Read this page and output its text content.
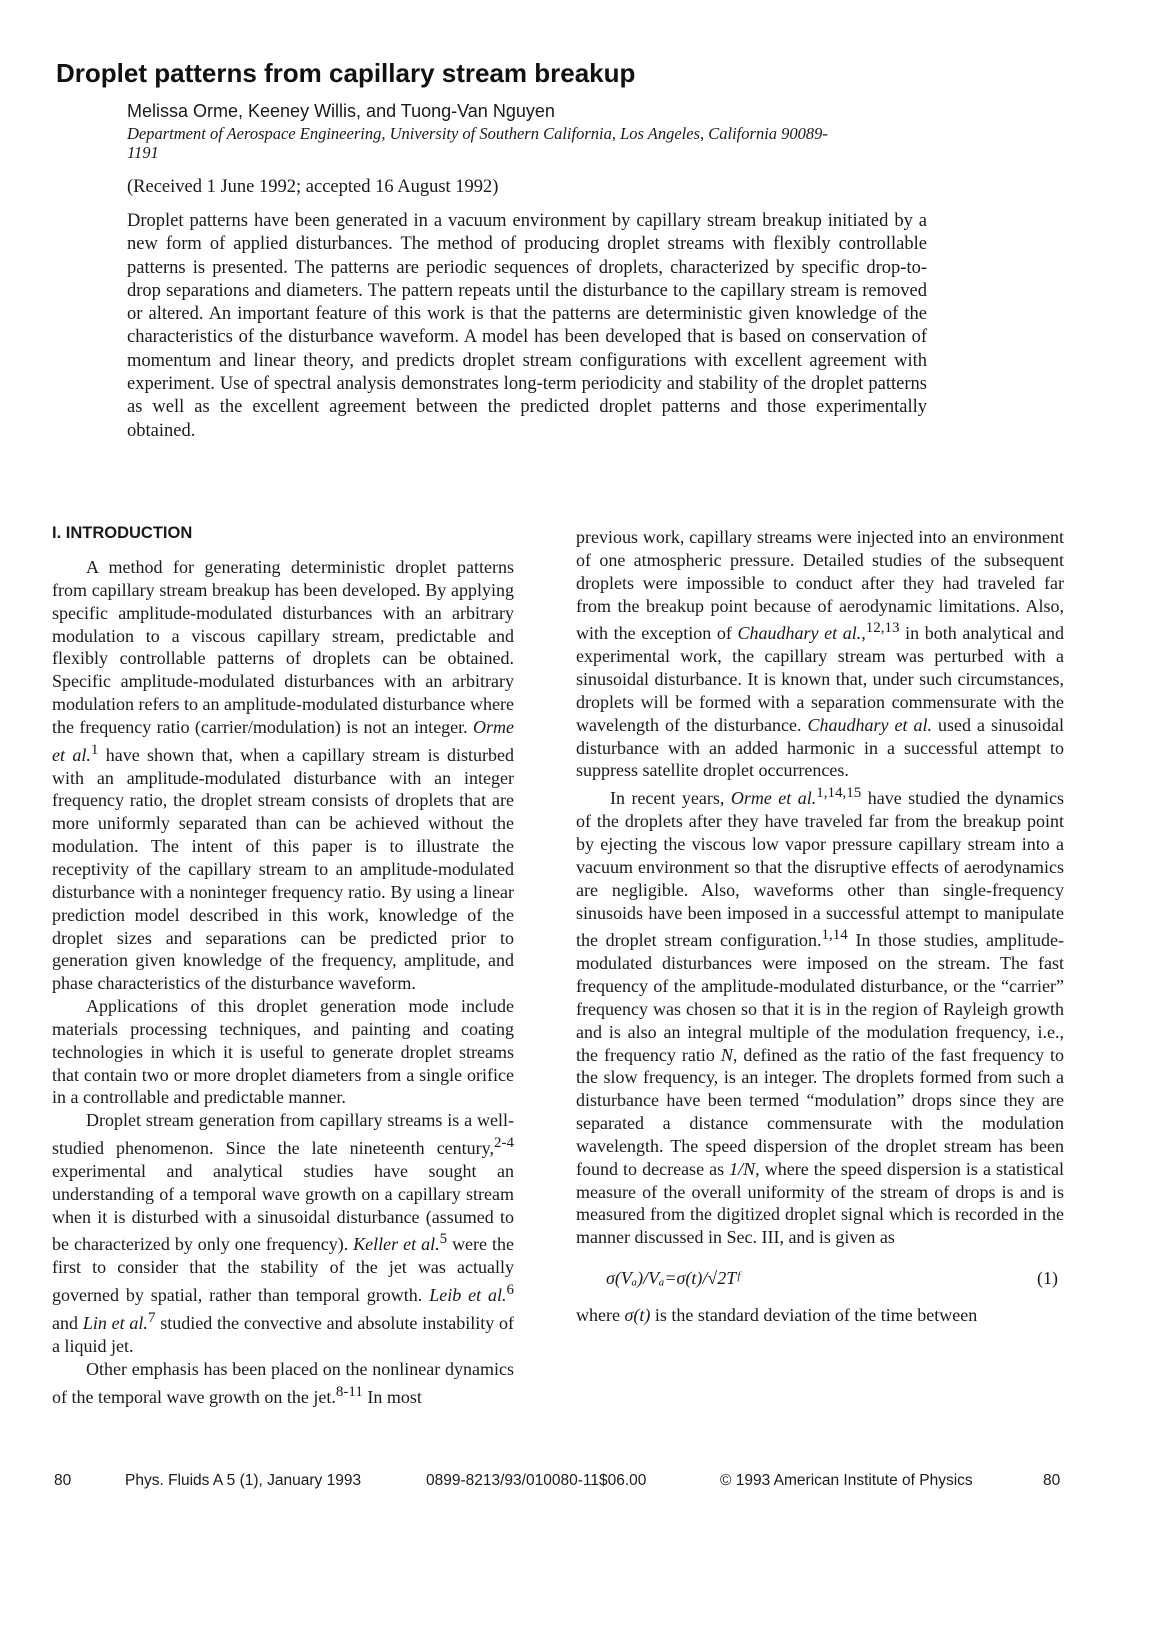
Droplet patterns from capillary stream breakup

Melissa Orme, Keeney Willis, and Tuong-Van Nguyen

Department of Aerospace Engineering, University of Southern California, Los Angeles, California 90089-1191

(Received 1 June 1992; accepted 16 August 1992)

Droplet patterns have been generated in a vacuum environment by capillary stream breakup initiated by a new form of applied disturbances. The method of producing droplet streams with flexibly controllable patterns is presented. The patterns are periodic sequences of droplets, characterized by specific drop-to-drop separations and diameters. The pattern repeats until the disturbance to the capillary stream is removed or altered. An important feature of this work is that the patterns are deterministic given knowledge of the characteristics of the disturbance waveform. A model has been developed that is based on conservation of momentum and linear theory, and predicts droplet stream configurations with excellent agreement with experiment. Use of spectral analysis demonstrates long-term periodicity and stability of the droplet patterns as well as the excellent agreement between the predicted droplet patterns and those experimentally obtained.

I. INTRODUCTION

A method for generating deterministic droplet patterns from capillary stream breakup has been developed. By applying specific amplitude-modulated disturbances with an arbitrary modulation to a viscous capillary stream, predictable and flexibly controllable patterns of droplets can be obtained. Specific amplitude-modulated disturbances with an arbitrary modulation refers to an amplitude-modulated disturbance where the frequency ratio (carrier/modulation) is not an integer. Orme et al.$^1$ have shown that, when a capillary stream is disturbed with an amplitude-modulated disturbance with an integer frequency ratio, the droplet stream consists of droplets that are more uniformly separated than can be achieved without the modulation. The intent of this paper is to illustrate the receptivity of the capillary stream to an amplitude-modulated disturbance with a noninteger frequency ratio. By using a linear prediction model described in this work, knowledge of the droplet sizes and separations can be predicted prior to generation given knowledge of the frequency, amplitude, and phase characteristics of the disturbance waveform.

Applications of this droplet generation mode include materials processing techniques, and painting and coating technologies in which it is useful to generate droplet streams that contain two or more droplet diameters from a single orifice in a controllable and predictable manner.

Droplet stream generation from capillary streams is a well-studied phenomenon. Since the late nineteenth century,$^{2-4}$ experimental and analytical studies have sought an understanding of a temporal wave growth on a capillary stream when it is disturbed with a sinusoidal disturbance (assumed to be characterized by only one frequency). Keller et al.$^5$ were the first to consider that the stability of the jet was actually governed by spatial, rather than temporal growth. Leib et al.$^6$ and Lin et al.$^7$ studied the convective and absolute instability of a liquid jet.

Other emphasis has been placed on the nonlinear dynamics of the temporal wave growth on the jet.$^{8-11}$ In most

previous work, capillary streams were injected into an environment of one atmospheric pressure. Detailed studies of the subsequent droplets were impossible to conduct after they had traveled far from the breakup point because of aerodynamic limitations. Also, with the exception of Chaudhary et al.,$^{12,13}$ in both analytical and experimental work, the capillary stream was perturbed with a sinusoidal disturbance. It is known that, under such circumstances, droplets will be formed with a separation commensurate with the wavelength of the disturbance. Chaudhary et al. used a sinusoidal disturbance with an added harmonic in a successful attempt to suppress satellite droplet occurrences.

In recent years, Orme et al.$^{1,14,15}$ have studied the dynamics of the droplets after they have traveled far from the breakup point by ejecting the viscous low vapor pressure capillary stream into a vacuum environment so that the disruptive effects of aerodynamics are negligible. Also, waveforms other than single-frequency sinusoids have been imposed in a successful attempt to manipulate the droplet stream configuration.$^{1,14}$ In those studies, amplitude-modulated disturbances were imposed on the stream. The fast frequency of the amplitude-modulated disturbance, or the “carrier” frequency was chosen so that it is in the region of Rayleigh growth and is also an integral multiple of the modulation frequency, i.e., the frequency ratio N, defined as the ratio of the fast frequency to the slow frequency, is an integer. The droplets formed from such a disturbance have been termed “modulation” drops since they are separated a distance commensurate with the modulation wavelength. The speed dispersion of the droplet stream has been found to decrease as 1/N, where the speed dispersion is a statistical measure of the overall uniformity of the stream of drops is and is measured from the digitized droplet signal which is recorded in the manner discussed in Sec. III, and is given as

σ(Vₐ)/Vₐ=σ(t)/√2Tᶠ	(1)

where σ(t) is the standard deviation of the time between

80	Phys. Fluids A 5 (1), January 1993	0899-8213/93/010080-11$06.00	© 1993 American Institute of Physics	80
